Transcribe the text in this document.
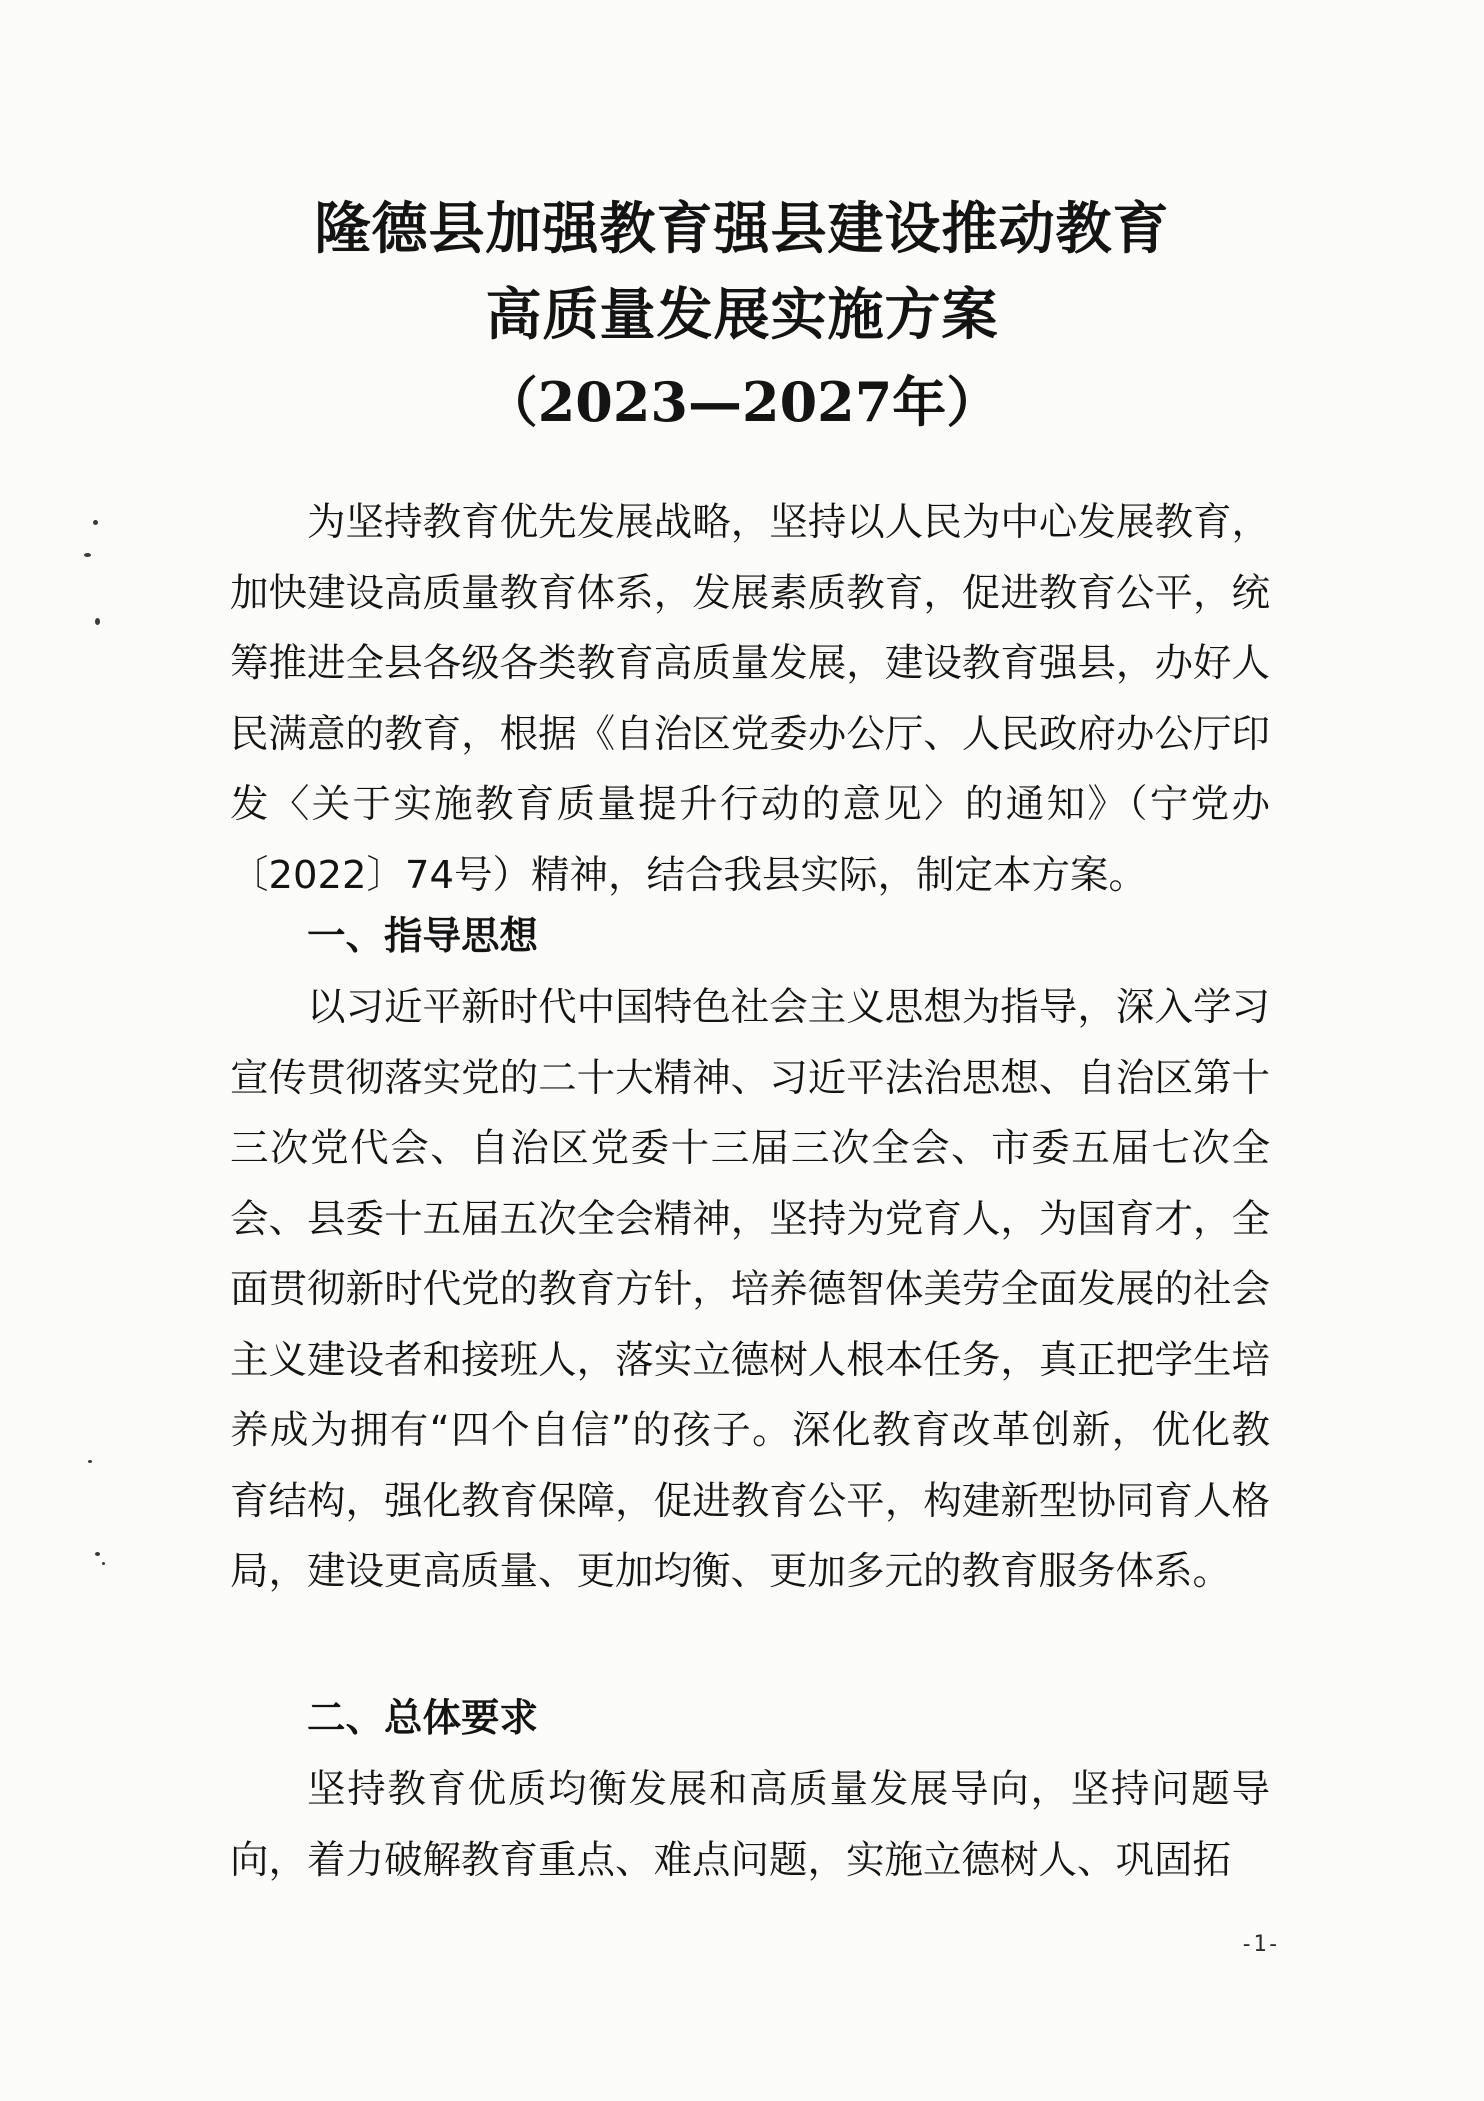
隆德县加强教育强县建设推动教育
高质量发展实施方案
（2023—2027年）

为坚持教育优先发展战略，坚持以人民为中心发展教育，加快建设高质量教育体系，发展素质教育，促进教育公平，统筹推进全县各级各类教育高质量发展，建设教育强县，办好人民满意的教育，根据《自治区党委办公厅、人民政府办公厅印发〈关于实施教育质量提升行动的意见〉的通知》（宁党办〔2022〕74号）精神，结合我县实际，制定本方案。

一、指导思想

以习近平新时代中国特色社会主义思想为指导，深入学习宣传贯彻落实党的二十大精神、习近平法治思想、自治区第十三次党代会、自治区党委十三届三次全会、市委五届七次全会、县委十五届五次全会精神，坚持为党育人，为国育才，全面贯彻新时代党的教育方针，培养德智体美劳全面发展的社会主义建设者和接班人，落实立德树人根本任务，真正把学生培养成为拥有“四个自信”的孩子。深化教育改革创新，优化教育结构，强化教育保障，促进教育公平，构建新型协同育人格局，建设更高质量、更加均衡、更加多元的教育服务体系。

二、总体要求

坚持教育优质均衡发展和高质量发展导向，坚持问题导向，着力破解教育重点、难点问题，实施立德树人、巩固拓

-1-
